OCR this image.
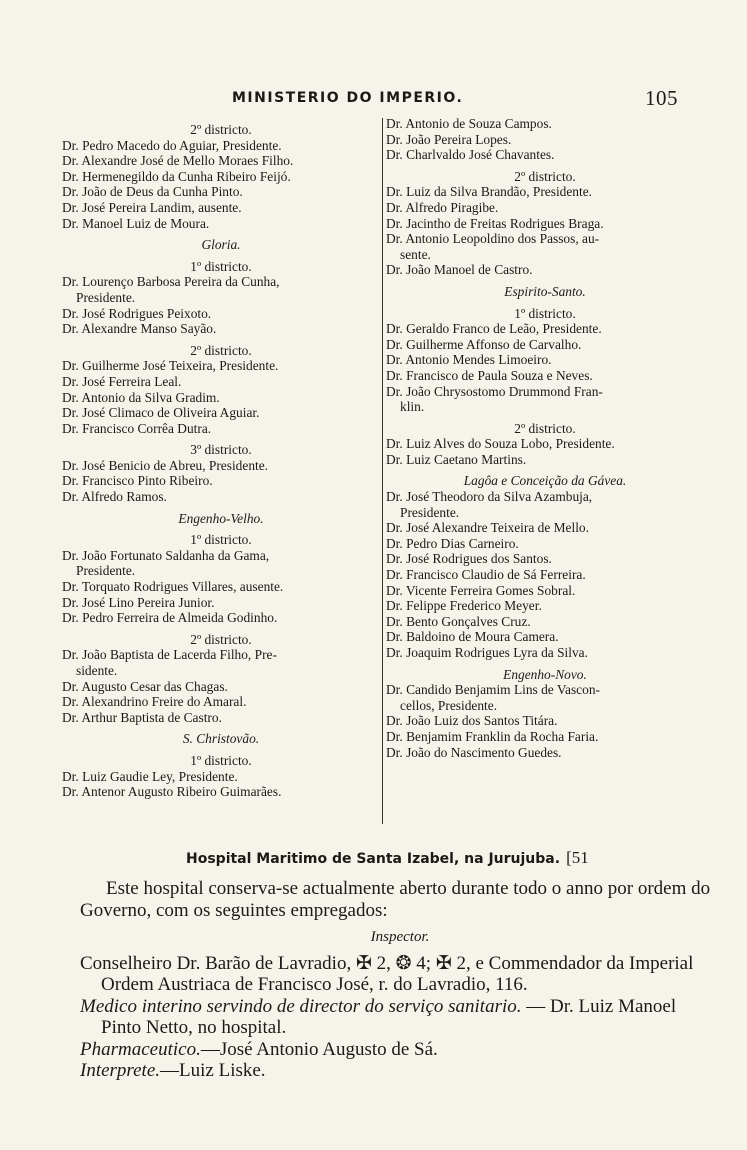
MINISTERIO DO IMPERIO.	105
2º districto.
Dr. Pedro Macedo do Aguiar, Presidente.
Dr. Alexandre José de Mello Moraes Filho.
Dr. Hermenegildo da Cunha Ribeiro Feijó.
Dr. João de Deus da Cunha Pinto.
Dr. José Pereira Landim, ausente.
Dr. Manoel Luiz de Moura.
Gloria.
1º districto.
Dr. Lourenço Barbosa Pereira da Cunha,
Presidente.
Dr. José Rodrigues Peixoto.
Dr. Alexandre Manso Sayão.
2º districto.
Dr. Guilherme José Teixeira, Presidente.
Dr. José Ferreira Leal.
Dr. Antonio da Silva Gradim.
Dr. José Climaco de Oliveira Aguiar.
Dr. Francisco Corrêa Dutra.
3º districto.
Dr. José Benicio de Abreu, Presidente.
Dr. Francisco Pinto Ribeiro.
Dr. Alfredo Ramos.
Engenho-Velho.
1º districto.
Dr. João Fortunato Saldanha da Gama,
Presidente.
Dr. Torquato Rodrigues Villares, ausente.
Dr. José Lino Pereira Junior.
Dr. Pedro Ferreira de Almeida Godinho.
2º districto.
Dr. João Baptista de Lacerda Filho, Pre-
sidente.
Dr. Augusto Cesar das Chagas.
Dr. Alexandrino Freire do Amaral.
Dr. Arthur Baptista de Castro.
S. Christovão.
1º districto.
Dr. Luiz Gaudie Ley, Presidente.
Dr. Antenor Augusto Ribeiro Guimarães.
Dr. Antonio de Souza Campos.
Dr. João Pereira Lopes.
Dr. Charlvaldo José Chavantes.
2º districto.
Dr. Luiz da Silva Brandão, Presidente.
Dr. Alfredo Piragibe.
Dr. Jacintho de Freitas Rodrigues Braga.
Dr. Antonio Leopoldino dos Passos, au-
sente.
Dr. João Manoel de Castro.
Espirito-Santo.
1º districto.
Dr. Geraldo Franco de Leão, Presidente.
Dr. Guilherme Affonso de Carvalho.
Dr. Antonio Mendes Limoeiro.
Dr. Francisco de Paula Souza e Neves.
Dr. João Chrysostomo Drummond Fran-
klin.
2º districto.
Dr. Luiz Alves do Souza Lobo, Presidente.
Dr. Luiz Caetano Martins.
Lagôa e Conceição da Gávea.
Dr. José Theodoro da Silva Azambuja,
Presidente.
Dr. José Alexandre Teixeira de Mello.
Dr. Pedro Dias Carneiro.
Dr. José Rodrigues dos Santos.
Dr. Francisco Claudio de Sá Ferreira.
Dr. Vicente Ferreira Gomes Sobral.
Dr. Felippe Frederico Meyer.
Dr. Bento Gonçalves Cruz.
Dr. Baldoino de Moura Camera.
Dr. Joaquim Rodrigues Lyra da Silva.
Engenho-Novo.
Dr. Candido Benjamim Lins de Vascon-
cellos, Presidente.
Dr. João Luiz dos Santos Titára.
Dr. Benjamim Franklin da Rocha Faria.
Dr. João do Nascimento Guedes.
Hospital Maritimo de Santa Izabel, na Jurujuba. [51
Este hospital conserva-se actualmente aberto durante todo o anno por ordem do Governo, com os seguintes empregados:
Inspector.
Conselheiro Dr. Barão de Lavradio, ✠ 2, ❂ 4; ✠ 2, e Commendador da Imperial Ordem Austriaca de Francisco José, r. do Lavradio, 116.
Medico interino servindo de director do serviço sanitario. — Dr. Luiz Manoel Pinto Netto, no hospital.
Pharmaceutico.—José Antonio Augusto de Sá.
Interprete.—Luiz Liske.
